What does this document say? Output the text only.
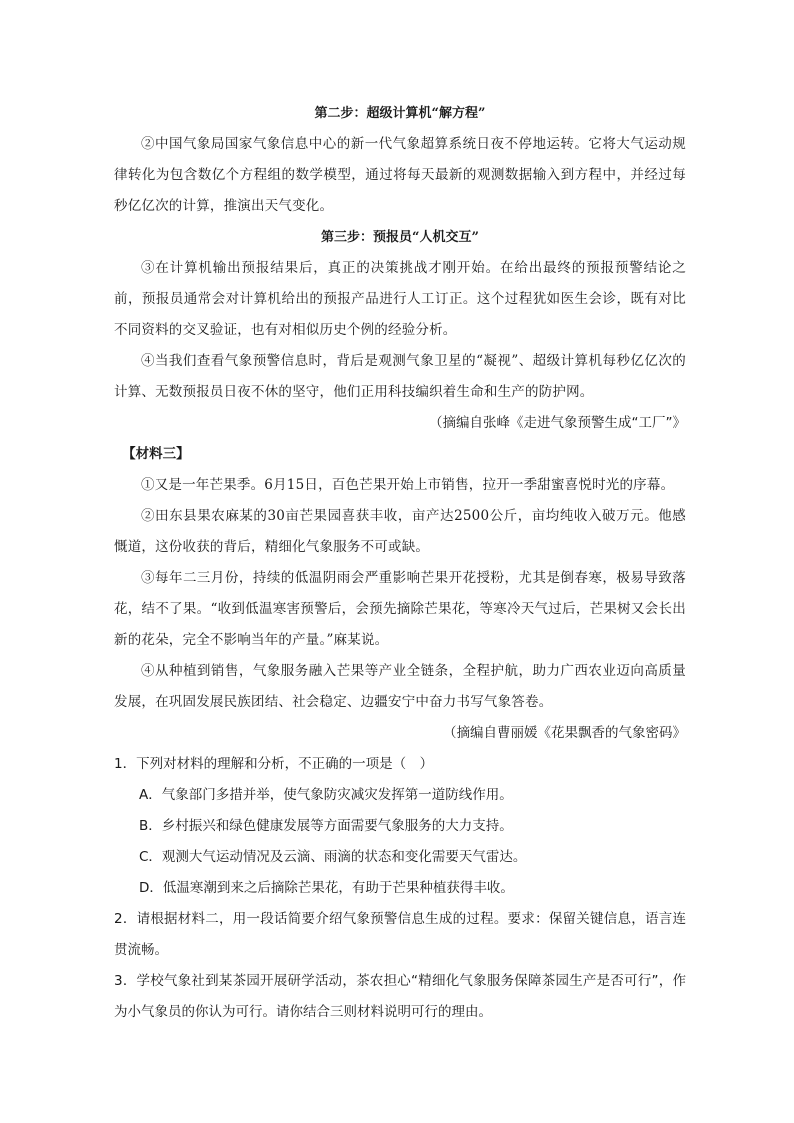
第二步：超级计算机“解方程”

②中国气象局国家气象信息中心的新一代气象超算系统日夜不停地运转。它将大气运动规律转化为包含数亿个方程组的数学模型，通过将每天最新的观测数据输入到方程中，并经过每秒亿亿次的计算，推演出天气变化。

第三步：预报员“人机交互”

③在计算机输出预报结果后，真正的决策挑战才刚开始。在给出最终的预报预警结论之前，预报员通常会对计算机给出的预报产品进行人工订正。这个过程犹如医生会诊，既有对比不同资料的交叉验证，也有对相似历史个例的经验分析。

④当我们查看气象预警信息时，背后是观测气象卫星的“凝视”、超级计算机每秒亿亿次的计算、无数预报员日夜不休的坚守，他们正用科技编织着生命和生产的防护网。

（摘编自张峰《走进气象预警生成“工厂”》

【材料三】

①又是一年芒果季。6月15日，百色芒果开始上市销售，拉开一季甜蜜喜悦时光的序幕。

②田东县果农麻某的30亩芒果园喜获丰收，亩产达2500公斤，亩均纯收入破万元。他感慨道，这份收获的背后，精细化气象服务不可或缺。

③每年二三月份，持续的低温阴雨会严重影响芒果开花授粉，尤其是倒春寒，极易导致落花，结不了果。“收到低温寒害预警后，会预先摘除芒果花，等寒冷天气过后，芒果树又会长出新的花朵，完全不影响当年的产量。”麻某说。

④从种植到销售，气象服务融入芒果等产业全链条，全程护航，助力广西农业迈向高质量发展，在巩固发展民族团结、社会稳定、边疆安宁中奋力书写气象答卷。

（摘编自曹丽媛《花果飘香的气象密码》

1．下列对材料的理解和分析，不正确的一项是（　）

A．气象部门多措并举，使气象防灾减灾发挥第一道防线作用。

B．乡村振兴和绿色健康发展等方面需要气象服务的大力支持。

C．观测大气运动情况及云滴、雨滴的状态和变化需要天气雷达。

D．低温寒潮到来之后摘除芒果花，有助于芒果种植获得丰收。

2．请根据材料二，用一段话简要介绍气象预警信息生成的过程。要求：保留关键信息，语言连贯流畅。

3．学校气象社到某茶园开展研学活动，茶农担心“精细化气象服务保障茶园生产是否可行”，作为小气象员的你认为可行。请你结合三则材料说明可行的理由。
